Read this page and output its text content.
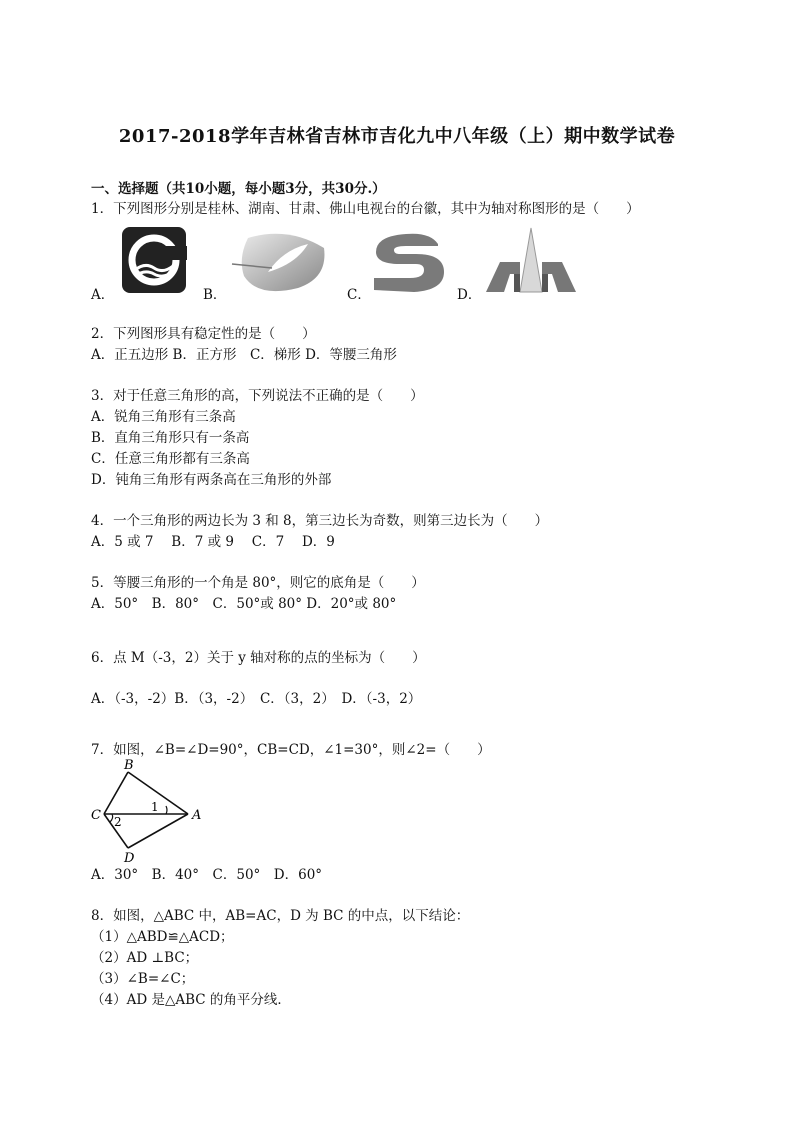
2017-2018学年吉林省吉林市吉化九中八年级（上）期中数学试卷
一、选择题（共10小题，每小题3分，共30分.）
1．下列图形分别是桂林、湖南、甘肃、佛山电视台的台徽，其中为轴对称图形的是（　　）
A．	B．	C．	D．
2．下列图形具有稳定性的是（　　）
A．正五边形 B．正方形　C．梯形 D．等腰三角形
3．对于任意三角形的高，下列说法不正确的是（　　）
A．锐角三角形有三条高
B．直角三角形只有一条高
C．任意三角形都有三条高
D．钝角三角形有两条高在三角形的外部
4．一个三角形的两边长为 3 和 8，第三边长为奇数，则第三边长为（　　）
A．5 或 7　 B．7 或 9　 C．7　 D．9
5．等腰三角形的一个角是 80°，则它的底角是（　　）
A．50°　B．80°　C．50°或 80° D．20°或 80°
6．点 M（-3，2）关于 y 轴对称的点的坐标为（　　）
A．（-3，-2）B．（3，-2）　C．（3，2）　D．（-3，2）
7．如图，∠B=∠D=90°，CB=CD，∠1=30°，则∠2=（　　）
B
C	A
D
1
2
A．30°　B．40°　C．50°　D．60°
8．如图，△ABC 中，AB=AC，D 为 BC 的中点，以下结论：
（1）△ABD≌△ACD；
（2）AD ⊥BC；
（3）∠B=∠C；
（4）AD 是△ABC 的角平分线．
